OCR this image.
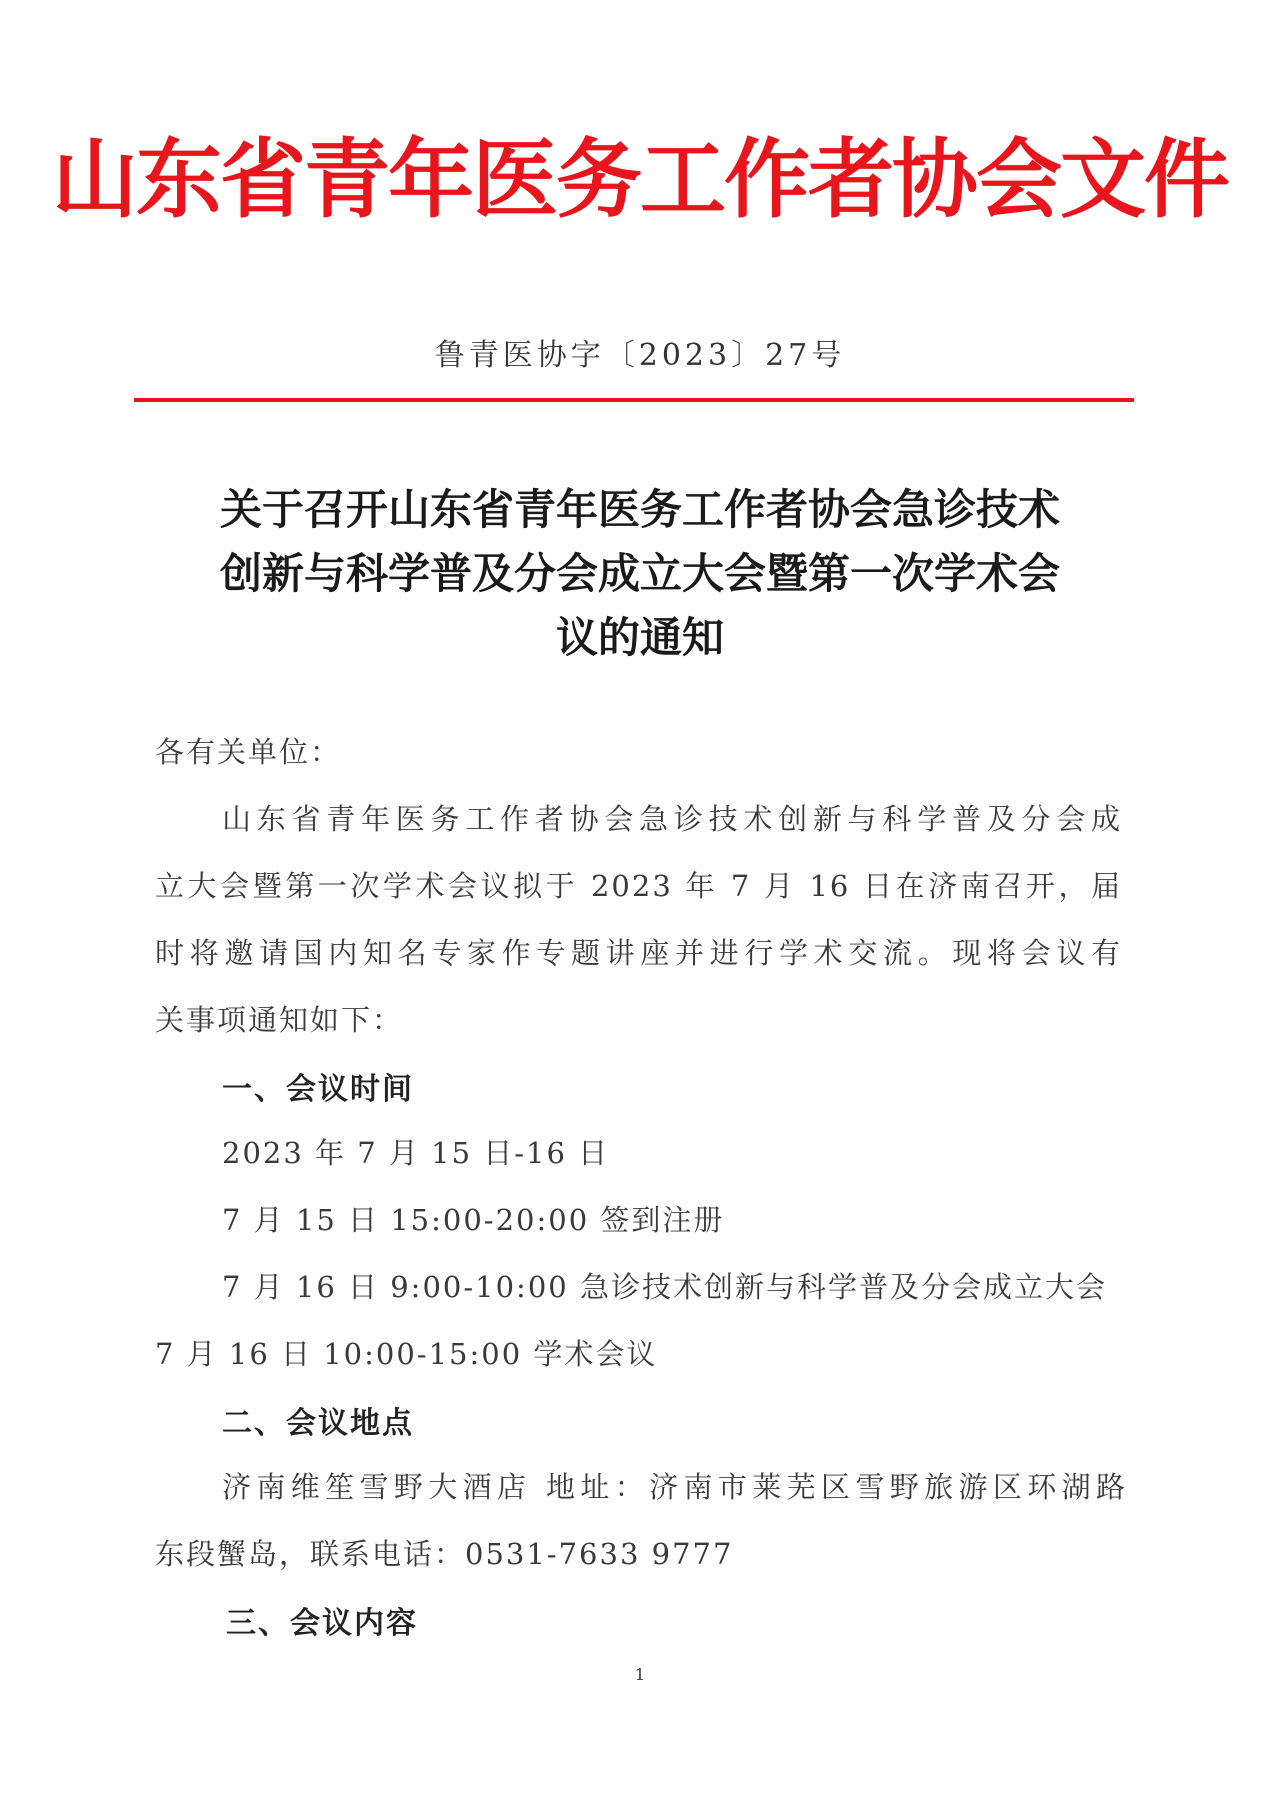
山东省青年医务工作者协会文件
鲁青医协字〔2023〕27号
关于召开山东省青年医务工作者协会急诊技术
创新与科学普及分会成立大会暨第一次学术会
议的通知
各有关单位：
山东省青年医务工作者协会急诊技术创新与科学普及分会成
立大会暨第一次学术会议拟于 2023 年 7 月 16 日在济南召开，届
时将邀请国内知名专家作专题讲座并进行学术交流。现将会议有
关事项通知如下：
一、会议时间
2023 年 7 月 15 日-16 日
7 月 15 日 15:00-20:00 签到注册
7 月 16 日 9:00-10:00 急诊技术创新与科学普及分会成立大会
7 月 16 日 10:00-15:00 学术会议
二、会议地点
济南维笙雪野大酒店 地址：济南市莱芜区雪野旅游区环湖路
东段蟹岛，联系电话：0531-7633 9777
三、会议内容
1
